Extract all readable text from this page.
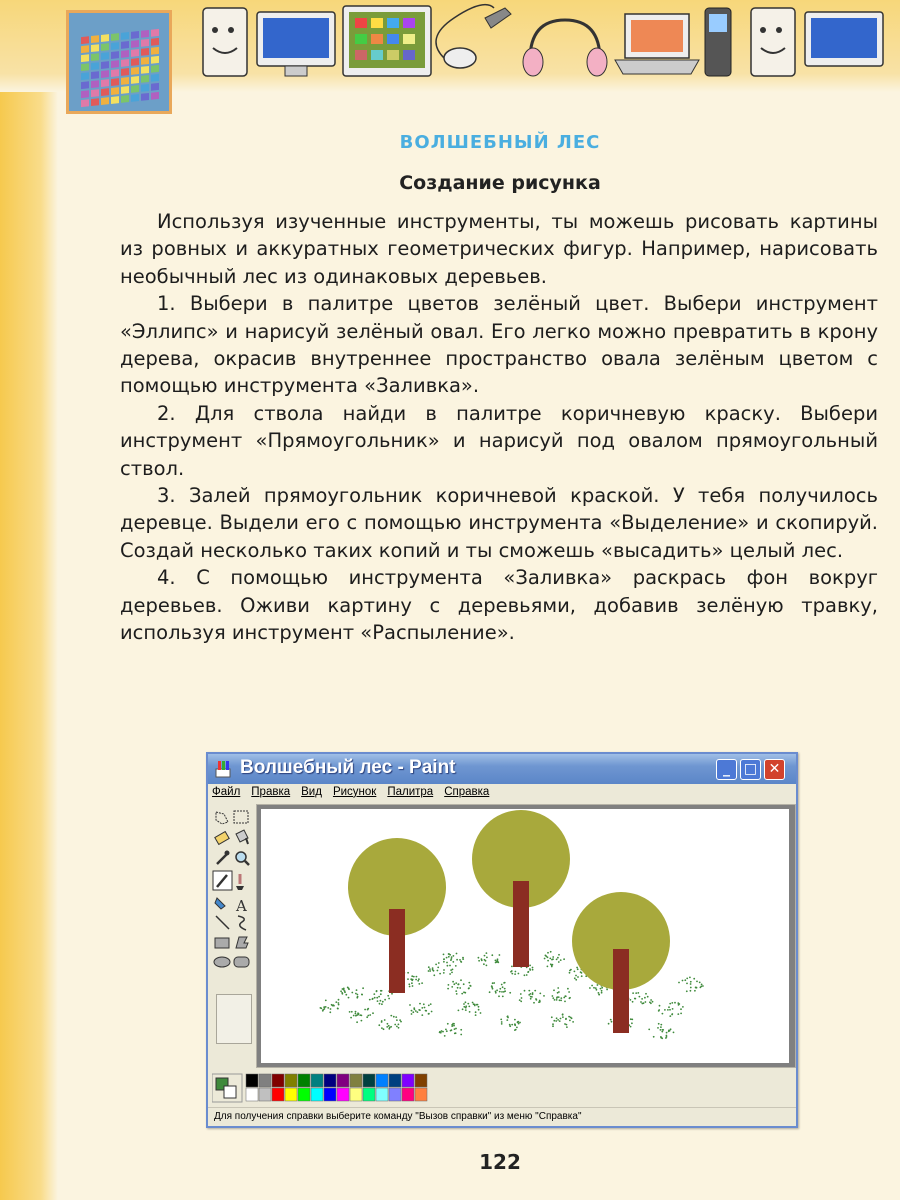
ВОЛШЕБНЫЙ ЛЕС
Создание рисунка

Используя изученные инструменты, ты можешь рисовать картины из ровных и аккуратных геометрических фигур. Например, нарисовать необычный лес из одинаковых деревьев.

1. Выбери в палитре цветов зелёный цвет. Выбери инструмент «Эллипс» и нарисуй зелёный овал. Его легко можно превратить в крону дерева, окрасив внутреннее пространство овала зелёным цветом с помощью инструмента «Заливка».

2. Для ствола найди в палитре коричневую краску. Выбери инструмент «Прямоугольник» и нарисуй под овалом прямоугольный ствол.

3. Залей прямоугольник коричневой краской. У тебя получилось деревце. Выдели его с помощью инструмента «Выделение» и скопируй. Создай несколько таких копий и ты сможешь «высадить» целый лес.

4. С помощью инструмента «Заливка» раскрась фон вокруг деревьев. Оживи картину с деревьями, добавив зелёную травку, используя инструмент «Распыление».

Волшебный лес - Paint	_ □ ✕
Файл Правка Вид Рисунок Палитра Справка
A
Для получения справки выберите команду "Вызов справки" из меню "Справка"
122
